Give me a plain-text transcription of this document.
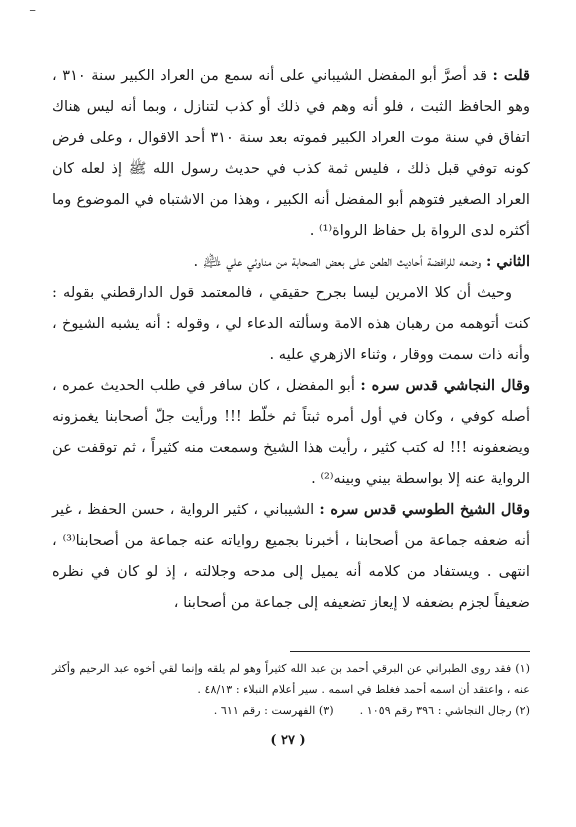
ــ

قلت : قد أصرَّ أبو المفضل الشيباني على أنه سمع من العراد الكبير سنة ٣١٠ ، وهو الحافظ الثبت ، فلو أنه وهم في ذلك أو كذب لتنازل ، وبما أنه ليس هناك اتفاق في سنة موت العراد الكبير فموته بعد سنة ٣١٠ أحد الاقوال ، وعلى فرض كونه توفي قبل ذلك ، فليس ثمة كذب في حديث رسول الله ﷺ إذ لعله كان العراد الصغير فتوهم أبو المفضل أنه الكبير ، وهذا من الاشتباه في الموضوع وما أكثره لدى الرواة بل حفاظ الرواة⁽¹⁾ .

الثاني : وضعه للرافضة أحاديث الطعن على بعض الصحابة من مناوئي علي ﵇ .

وحيث أن كلا الامرين ليسا بجرح حقيقي ، فالمعتمد قول الدارقطني بقوله : كنت أتوهمه من رهبان هذه الامة وسألته الدعاء لي ، وقوله : أنه يشبه الشيوخ ، وأنه ذات سمت ووقار ، وثناء الازهري عليه .

وقال النجاشي قدس سره : أبو المفضل ، كان سافر في طلب الحديث عمره ، أصله كوفي ، وكان في أول أمره ثبتاً ثم خلّط !!! ورأيت جلّ أصحابنا يغمزونه ويضعفونه !!! له كتب كثير ، رأيت هذا الشيخ وسمعت منه كثيراً ، ثم توقفت عن الرواية عنه إلا بواسطة بيني وبينه⁽²⁾ .

وقال الشيخ الطوسي قدس سره : الشيباني ، كثير الرواية ، حسن الحفظ ، غير أنه ضعفه جماعة من أصحابنا ، أخبرنا بجميع رواياته عنه جماعة من أصحابنا⁽³⁾ ، انتهى . ويستفاد من كلامه أنه يميل إلى مدحه وجلالته ، إذ لو كان في نظره ضعيفاً لجزم بضعفه لا إيعاز تضعيفه إلى جماعة من أصحابنا ،

(١) فقد روى الطبراني عن البرقي أحمد بن عبد الله كثيراً وهو لم يلقه وإنما لقي أخوه عبد الرحيم وأكثر عنه ، واعتقد أن اسمه أحمد فغلط في اسمه . سير أعلام النبلاء : ٤٨/١٣ .

(٢) رجال النجاشي : ٣٩٦ رقم ١٠٥٩ .
(٣) الفهرست : رقم ٦١١ .
( ٢٧ )
